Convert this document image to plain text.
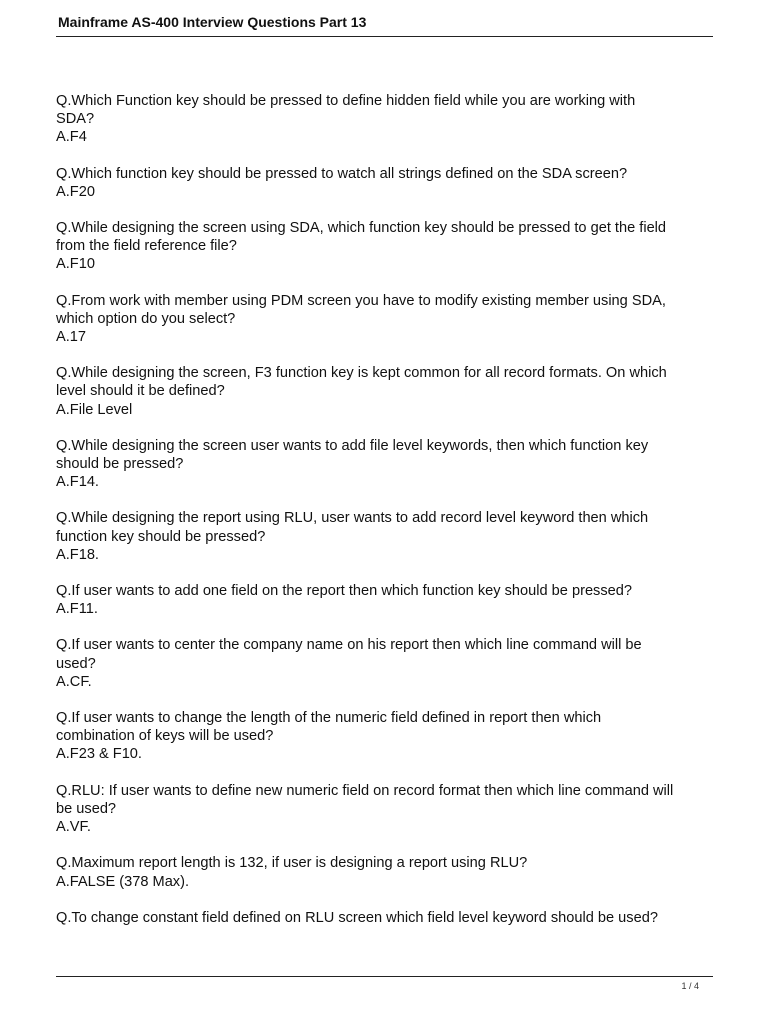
Mainframe AS-400 Interview Questions Part 13
Q.Which Function key should be pressed to define hidden field while you are working with
SDA?
A.F4
Q.Which function key should be pressed to watch all strings defined on the SDA screen?
A.F20
Q.While designing the screen using SDA, which function key should be pressed to get the field
from the field reference file?
A.F10
Q.From work with member using PDM screen you have to modify existing member using SDA,
which option do you select?
A.17
Q.While designing the screen, F3 function key is kept common for all record formats. On which
level should it be defined?
A.File Level
Q.While designing the screen user wants to add file level keywords, then which function key
should be pressed?
A.F14.
Q.While designing the report using RLU, user wants to add record level keyword then which
function key should be pressed?
A.F18.
Q.If user wants to add one field on the report then which function key should be pressed?
A.F11.
Q.If user wants to center the company name on his report then which line command will be
used?
A.CF.
Q.If user wants to change the length of the numeric field defined in report then which
combination of keys will be used?
A.F23 & F10.
Q.RLU: If user wants to define new numeric field on record format then which line command will
be used?
A.VF.
Q.Maximum report length is 132, if user is designing a report using RLU?
A.FALSE (378 Max).
Q.To change constant field defined on RLU screen which field level keyword should be used?
1 / 4
